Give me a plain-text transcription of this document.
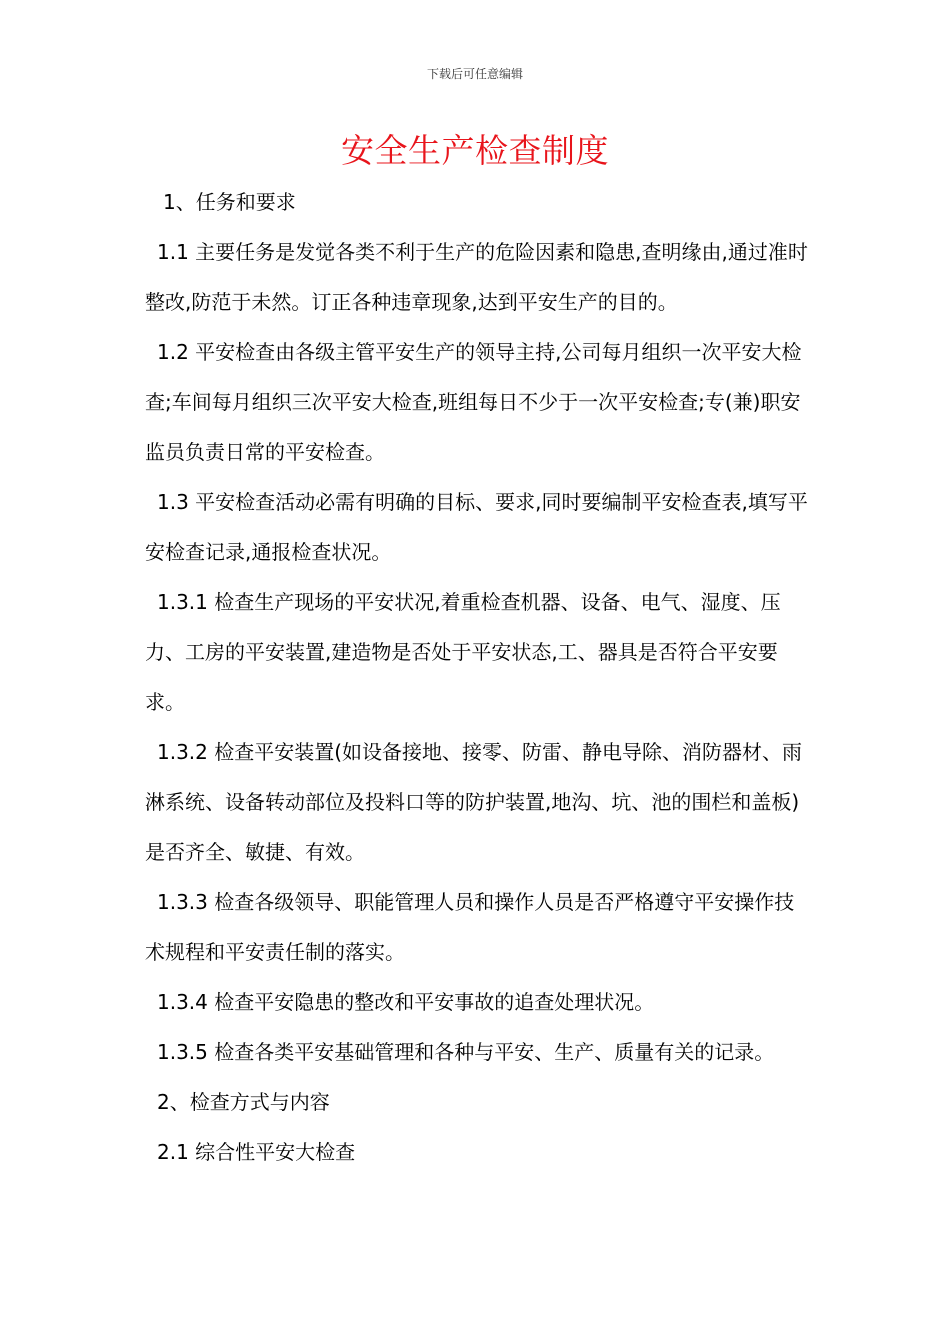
下载后可任意编辑
安全生产检查制度

1、任务和要求

1.1 主要任务是发觉各类不利于生产的危险因素和隐患,查明缘由,通过准时整改,防范于未然。订正各种违章现象,达到平安生产的目的。

1.2 平安检查由各级主管平安生产的领导主持,公司每月组织一次平安大检查;车间每月组织三次平安大检查,班组每日不少于一次平安检查;专(兼)职安监员负责日常的平安检查。

1.3 平安检查活动必需有明确的目标、要求,同时要编制平安检查表,填写平安检查记录,通报检查状况。

1.3.1 检查生产现场的平安状况,着重检查机器、设备、电气、湿度、压力、工房的平安装置,建造物是否处于平安状态,工、器具是否符合平安要求。

1.3.2 检查平安装置(如设备接地、接零、防雷、静电导除、消防器材、雨淋系统、设备转动部位及投料口等的防护装置,地沟、坑、池的围栏和盖板)是否齐全、敏捷、有效。

1.3.3 检查各级领导、职能管理人员和操作人员是否严格遵守平安操作技术规程和平安责任制的落实。

1.3.4 检查平安隐患的整改和平安事故的追查处理状况。

1.3.5 检查各类平安基础管理和各种与平安、生产、质量有关的记录。

2、检查方式与内容

2.1 综合性平安大检查
